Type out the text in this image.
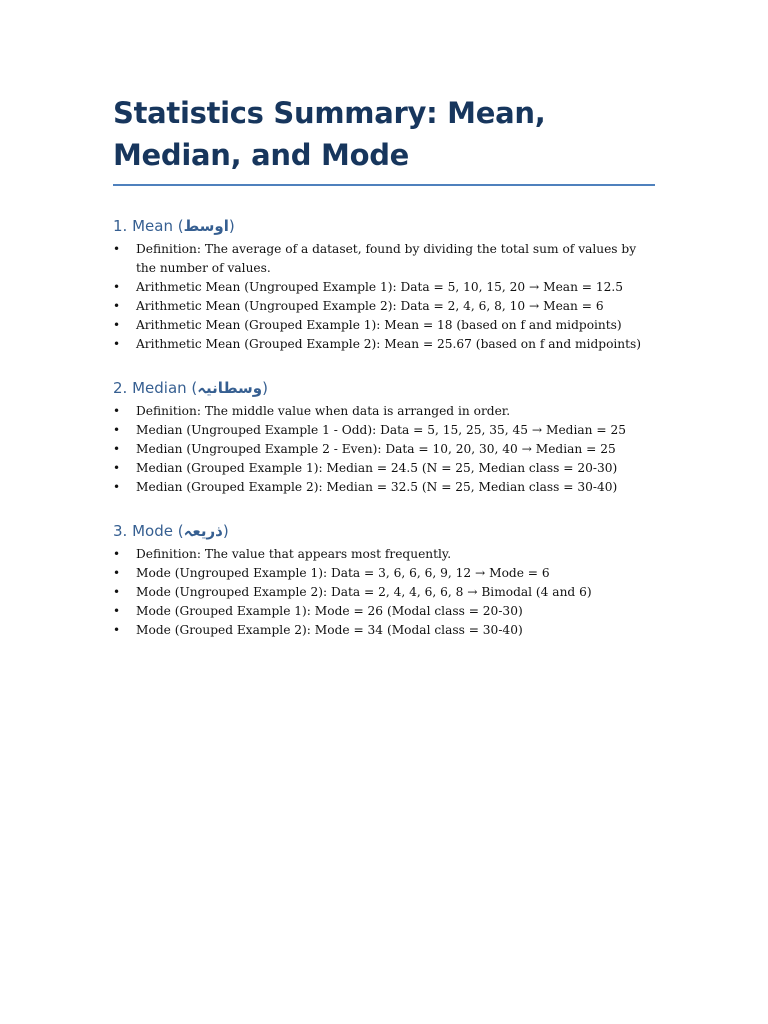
Statistics Summary: Mean, Median, and Mode
1. Mean (اوسط)
• Definition: The average of a dataset, found by dividing the total sum of values by the number of values.
• Arithmetic Mean (Ungrouped Example 1): Data = 5, 10, 15, 20 → Mean = 12.5
• Arithmetic Mean (Ungrouped Example 2): Data = 2, 4, 6, 8, 10 → Mean = 6
• Arithmetic Mean (Grouped Example 1): Mean = 18 (based on f and midpoints)
• Arithmetic Mean (Grouped Example 2): Mean = 25.67 (based on f and midpoints)
2. Median (وسطانیہ)
• Definition: The middle value when data is arranged in order.
• Median (Ungrouped Example 1 - Odd): Data = 5, 15, 25, 35, 45 → Median = 25
• Median (Ungrouped Example 2 - Even): Data = 10, 20, 30, 40 → Median = 25
• Median (Grouped Example 1): Median = 24.5 (N = 25, Median class = 20-30)
• Median (Grouped Example 2): Median = 32.5 (N = 25, Median class = 30-40)
3. Mode (ذریعہ)
• Definition: The value that appears most frequently.
• Mode (Ungrouped Example 1): Data = 3, 6, 6, 6, 9, 12 → Mode = 6
• Mode (Ungrouped Example 2): Data = 2, 4, 4, 6, 6, 8 → Bimodal (4 and 6)
• Mode (Grouped Example 1): Mode = 26 (Modal class = 20-30)
• Mode (Grouped Example 2): Mode = 34 (Modal class = 30-40)
